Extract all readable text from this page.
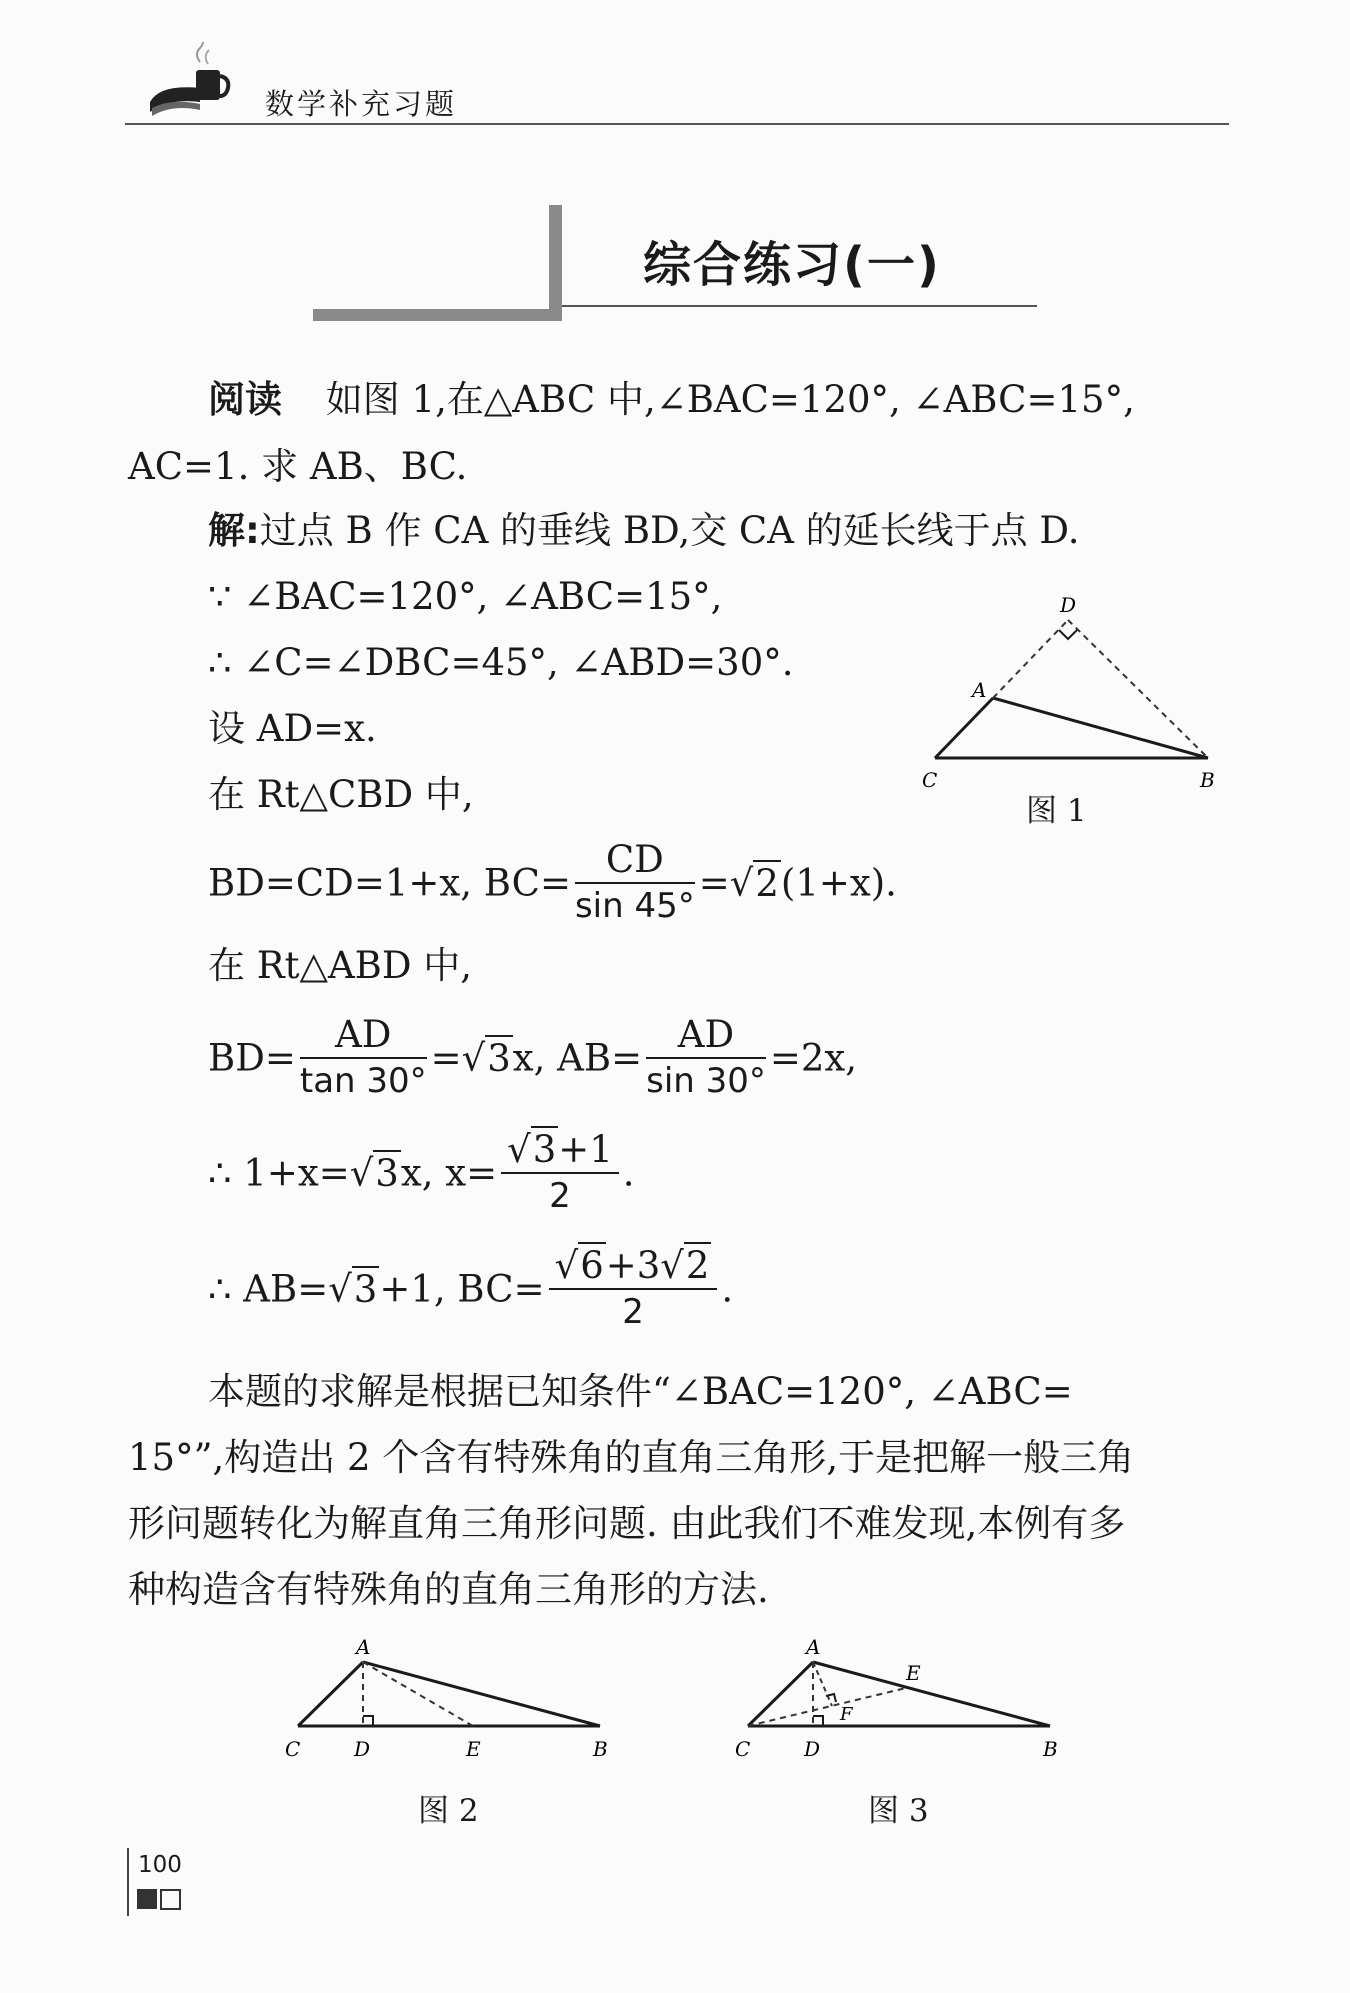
数学补充习题
综合练习(一)
阅读 如图 1,在△ABC 中,∠BAC=120°, ∠ABC=15°,
AC=1. 求 AB、BC.
解:过点 B 作 CA 的垂线 BD,交 CA 的延长线于点 D.
∵ ∠BAC=120°, ∠ABC=15°,
∴ ∠C=∠DBC=45°, ∠ABD=30°.
设 AD=x.
在 Rt△CBD 中,
BD=CD=1+x, $BC= \frac{CD}{\sin 45^\circ} =√2(1+x)$.
在 Rt△ABD 中,
$BD= \frac{AD}{\tan 30^\circ} =√3x$, $AB= \frac{AD}{\sin 30^\circ} =2x$,
∴ 1+x=√3x, $x= \frac{√3+1}{2}$ .
∴ AB=√3+1, $BC= \frac{√6+3√2}{2}$ .
本题的求解是根据已知条件“∠BAC=120°, ∠ABC=
15°”,构造出 2 个含有特殊角的直角三角形,于是把解一般三角
形问题转化为解直角三角形问题. 由此我们不难发现,本例有多
种构造含有特殊角的直角三角形的方法.
D
A
C	B
图 1
A
C	D	E	B
图 2
A
E
F
C	D	B
图 3
100
